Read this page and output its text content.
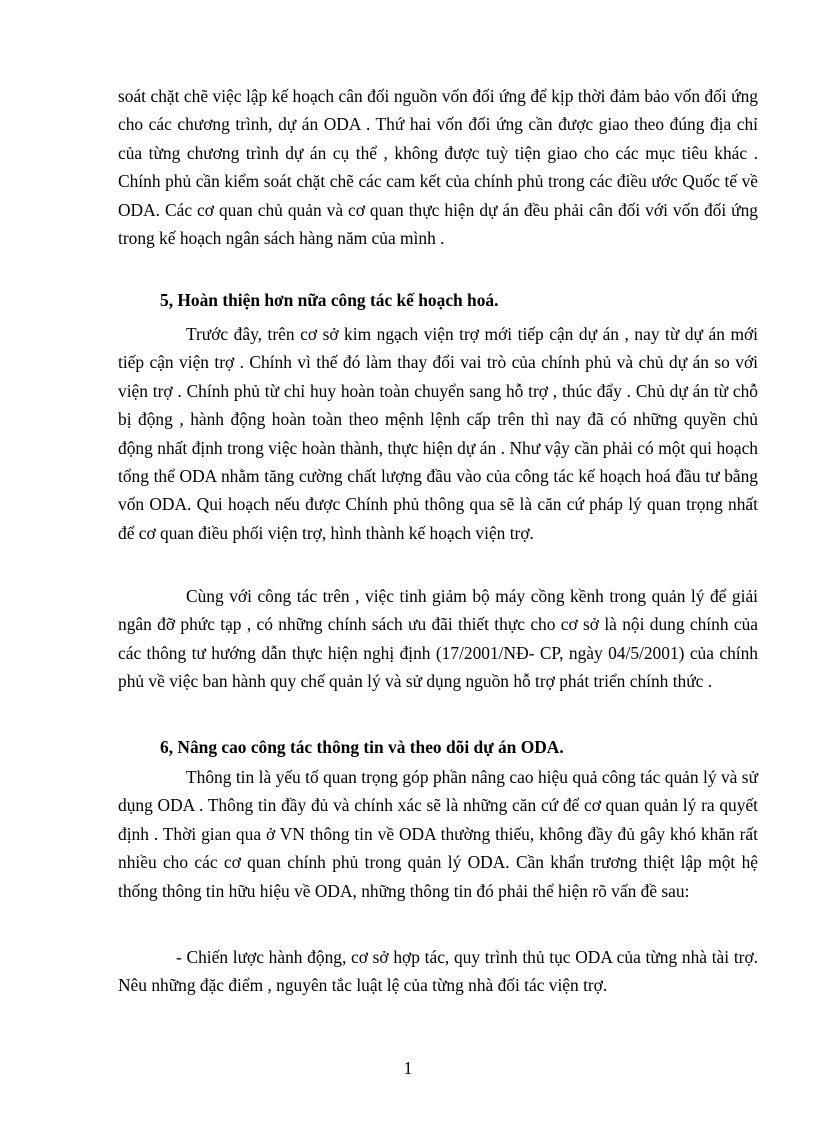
soát chặt chẽ việc lập kế hoạch cân đối nguồn vốn đối ứng để kịp thời đảm bảo vốn đối ứng cho các chương trình, dự án ODA . Thứ hai vốn đối ứng cần được giao theo đúng địa chỉ của từng chương trình dự án cụ thể , không được tuỳ tiện giao cho các mục tiêu khác . Chính phủ cần kiểm soát chặt chẽ các cam kết của chính phủ trong các điều ước Quốc tế về ODA. Các cơ quan chủ quản và cơ quan thực hiện dự án đều phải cân đối với vốn đối ứng trong kế hoạch ngân sách hàng năm của mình .
5, Hoàn thiện hơn nữa công tác kế hoạch hoá.
Trước đây, trên cơ sở kim ngạch viện trợ mới tiếp cận dự án , nay từ dự án mới tiếp cận viện trợ . Chính vì thế đó làm thay đổi vai trò của chính phủ và chủ dự án so với viện trợ . Chính phủ từ chỉ huy hoàn toàn chuyển sang hỗ trợ , thúc đẩy . Chủ dự án từ chỗ bị động , hành động hoàn toàn theo mệnh lệnh cấp trên thì nay đã có những quyền chủ động nhất định trong việc hoàn thành, thực hiện dự án . Như vậy cần phải có một qui hoạch tổng thể ODA nhằm tăng cường chất lượng đầu vào của công tác kế hoạch hoá đầu tư bằng vốn ODA. Qui hoạch nếu được Chính phủ thông qua sẽ là căn cứ pháp lý quan trọng nhất để cơ quan điều phối viện trợ, hình thành kế hoạch viện trợ.
Cùng với công tác trên , việc tinh giảm bộ máy cồng kềnh trong quản lý để giải ngân đỡ phức tạp , có những chính sách ưu đãi thiết thực cho cơ sở là nội dung chính của các thông tư hướng dẫn thực hiện nghị định (17/2001/NĐ- CP, ngày 04/5/2001) của chính phủ về việc ban hành quy chế quản lý và sử dụng nguồn hỗ trợ phát triển chính thức .
6, Nâng cao công tác thông tin và theo dõi dự án ODA.
Thông tin là yếu tố quan trọng góp phần nâng cao hiệu quả công tác quản lý và sử dụng ODA . Thông tin đầy đủ và chính xác sẽ là những căn cứ để cơ quan quản lý ra quyết định . Thời gian qua ở VN thông tin về ODA thường thiếu, không đầy đủ gây khó khăn rất nhiều cho các cơ quan chính phủ trong quản lý ODA. Cần khẩn trương thiệt lập một hệ thống thông tin hữu hiệu về ODA, những thông tin đó phải thể hiện rõ vấn đề sau:
- Chiến lược hành động, cơ sở hợp tác, quy trình thủ tục ODA của từng nhà tài trợ. Nêu những đặc điểm , nguyên tắc luật lệ của từng nhà đối tác viện trợ.
1
